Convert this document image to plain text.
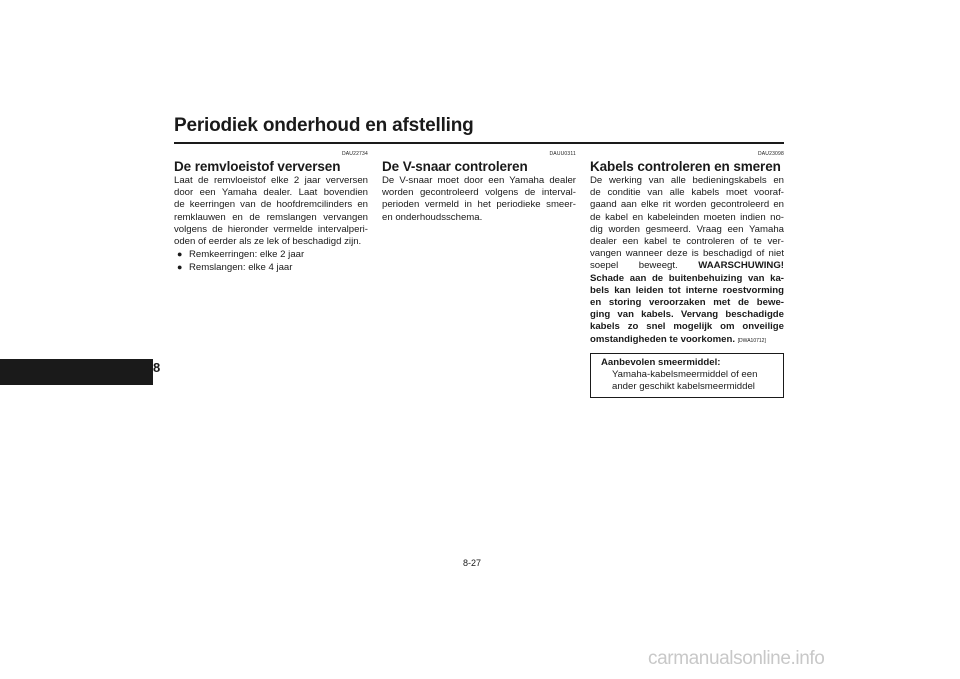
Periodiek onderhoud en afstelling
8
DAU22734
De remvloeistof verversen
Laat de remvloeistof elke 2 jaar verversen
door een Yamaha dealer. Laat bovendien
de keerringen van de hoofdremcilinders en
remklauwen en de remslangen vervangen
volgens de hieronder vermelde intervalperi-
oden of eerder als ze lek of beschadigd zijn.
● Remkeerringen: elke 2 jaar
● Remslangen: elke 4 jaar
DAUU0311
De V-snaar controleren
De V-snaar moet door een Yamaha dealer
worden gecontroleerd volgens de interval-
perioden vermeld in het periodieke smeer-
en onderhoudsschema.
DAU23098
Kabels controleren en smeren
De werking van alle bedieningskabels en
de conditie van alle kabels moet vooraf-
gaand aan elke rit worden gecontroleerd en
de kabel en kabeleinden moeten indien no-
dig worden gesmeerd. Vraag een Yamaha
dealer een kabel te controleren of te ver-
vangen wanneer deze is beschadigd of niet
soepel beweegt. WAARSCHUWING!
Schade aan de buitenbehuizing van ka-
bels kan leiden tot interne roestvorming
en storing veroorzaken met de bewe-
ging van kabels. Vervang beschadigde
kabels zo snel mogelijk om onveilige
omstandigheden te voorkomen. [DWA10712]
Aanbevolen smeermiddel:
Yamaha-kabelsmeermiddel of een
ander geschikt kabelsmeermiddel
8-27
carmanualsonline.info
